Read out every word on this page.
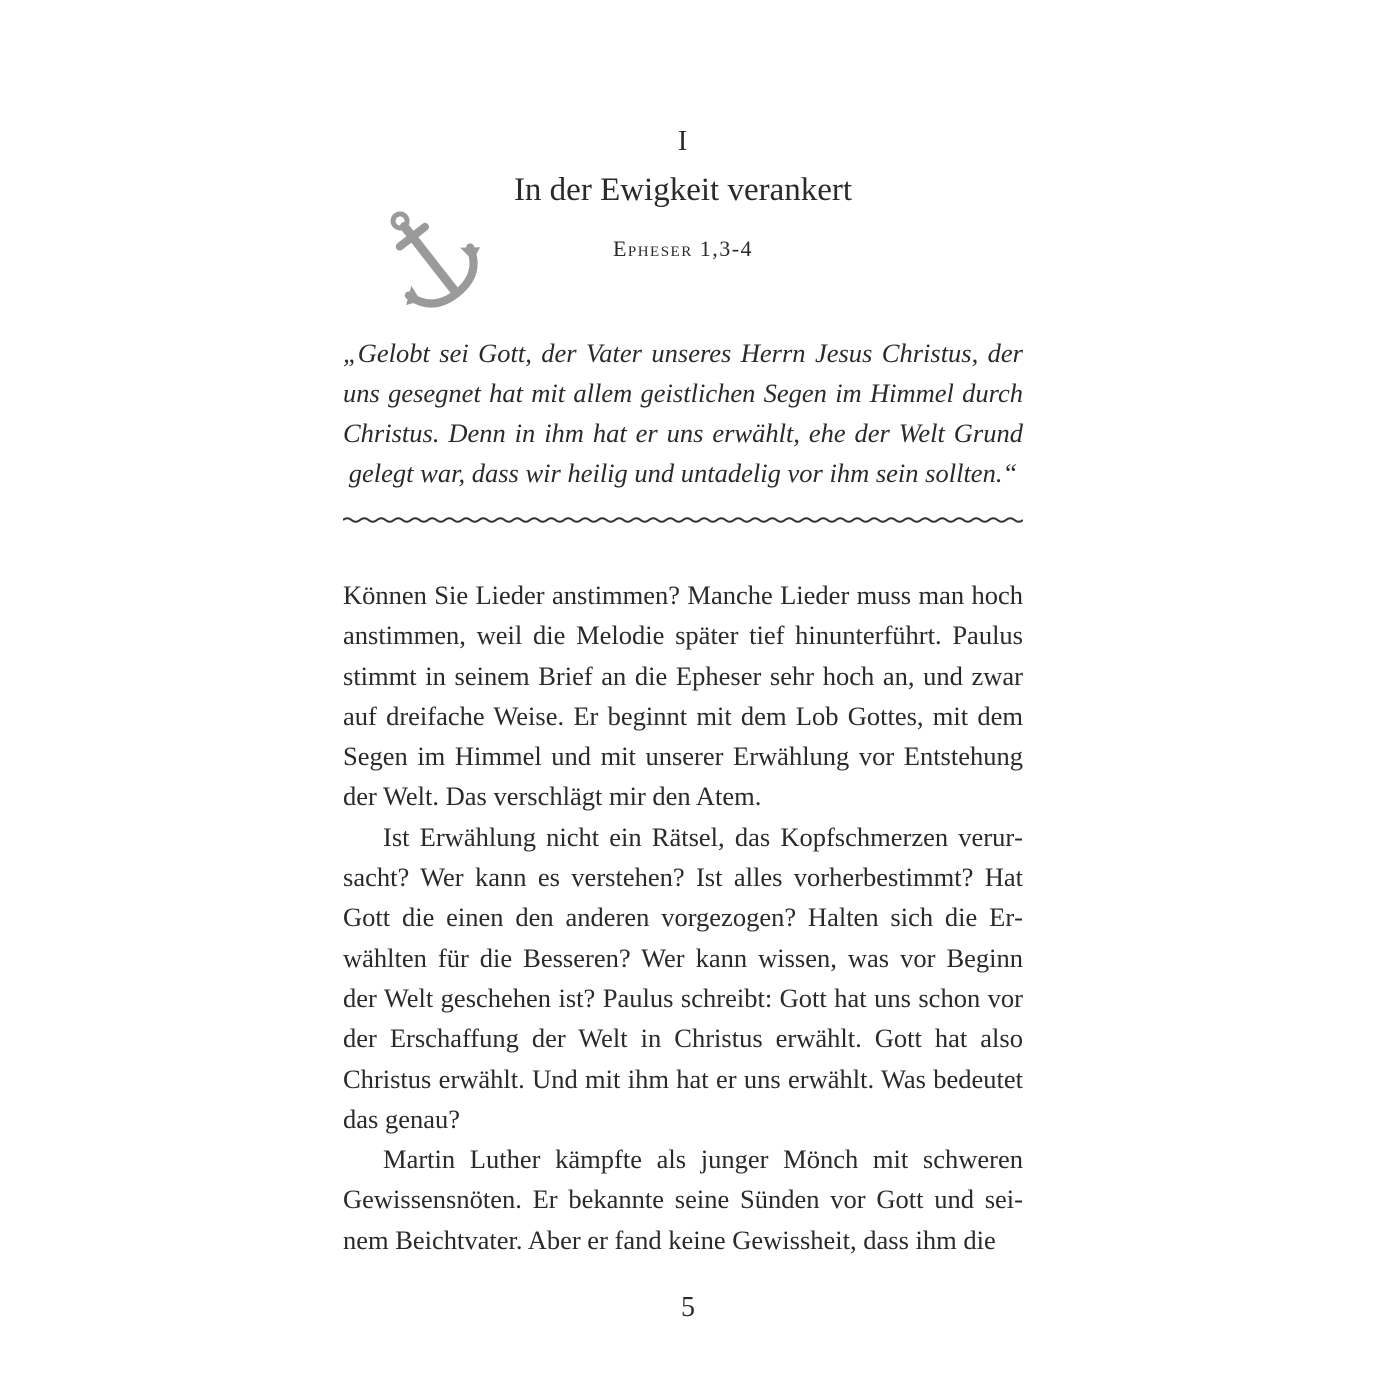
I
In der Ewigkeit verankert
Epheser 1,3-4
„Gelobt sei Gott, der Vater unseres Herrn Jesus Christus, der uns gesegnet hat mit allem geistlichen Segen im Himmel durch Christus. Denn in ihm hat er uns erwählt, ehe der Welt Grund gelegt war, dass wir heilig und untadelig vor ihm sein sollten.“

Können Sie Lieder anstimmen? Manche Lieder muss man hoch anstimmen, weil die Melodie später tief hinunterführt. Paulus stimmt in seinem Brief an die Epheser sehr hoch an, und zwar auf dreifache Weise. Er beginnt mit dem Lob Gottes, mit dem Segen im Himmel und mit unserer Erwählung vor Entstehung der Welt. Das verschlägt mir den Atem.

Ist Erwählung nicht ein Rätsel, das Kopfschmerzen verursacht? Wer kann es verstehen? Ist alles vorherbestimmt? Hat Gott die einen den anderen vorgezogen? Halten sich die Erwählten für die Besseren? Wer kann wissen, was vor Beginn der Welt geschehen ist? Paulus schreibt: Gott hat uns schon vor der Erschaffung der Welt in Christus erwählt. Gott hat also Christus erwählt. Und mit ihm hat er uns erwählt. Was bedeutet das genau?

Martin Luther kämpfte als junger Mönch mit schweren Gewissensnöten. Er bekannte seine Sünden vor Gott und seinem Beichtvater. Aber er fand keine Gewissheit, dass ihm die

5
